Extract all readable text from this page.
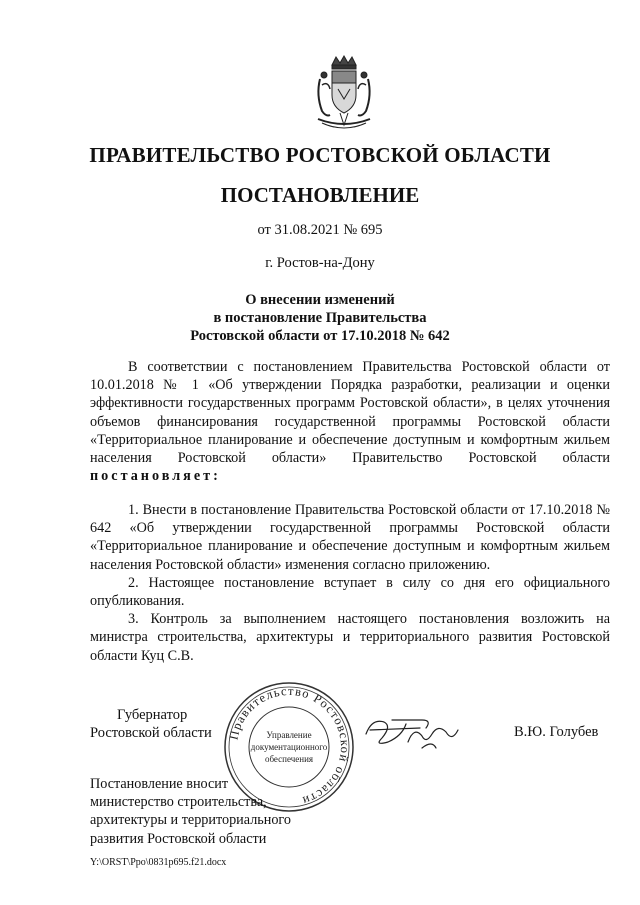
ПРАВИТЕЛЬСТВО РОСТОВСКОЙ ОБЛАСТИ
ПОСТАНОВЛЕНИЕ
от 31.08.2021 № 695
г. Ростов-на-Дону
О внесении изменений
в постановление Правительства
Ростовской области от 17.10.2018 № 642

В соответствии с постановлением Правительства Ростовской области от 10.01.2018 № 1 «Об утверждении Порядка разработки, реализации и оценки эффективности государственных программ Ростовской области», в целях уточнения объемов финансирования государственной программы Ростовской области «Территориальное планирование и обеспечение доступным и комфортным жильем населения Ростовской области» Правительство Ростовской области постановляет:

1. Внести в постановление Правительства Ростовской области от 17.10.2018 № 642 «Об утверждении государственной программы Ростовской области «Территориальное планирование и обеспечение доступным и комфортным жильем населения Ростовской области» изменения согласно приложению.

2. Настоящее постановление вступает в силу со дня его официального опубликования.

3. Контроль за выполнением настоящего постановления возложить на министра строительства, архитектуры и территориального развития Ростовской области Куц С.В.

Губернатор
Ростовской области Правительство Ростовской области
Управление
документационного
обеспечения
В.Ю. Голубев
Постановление вносит
министерство строительства,
архитектуры и территориального
развития Ростовской области
Y:\ORST\Ppo\0831p695.f21.docx
